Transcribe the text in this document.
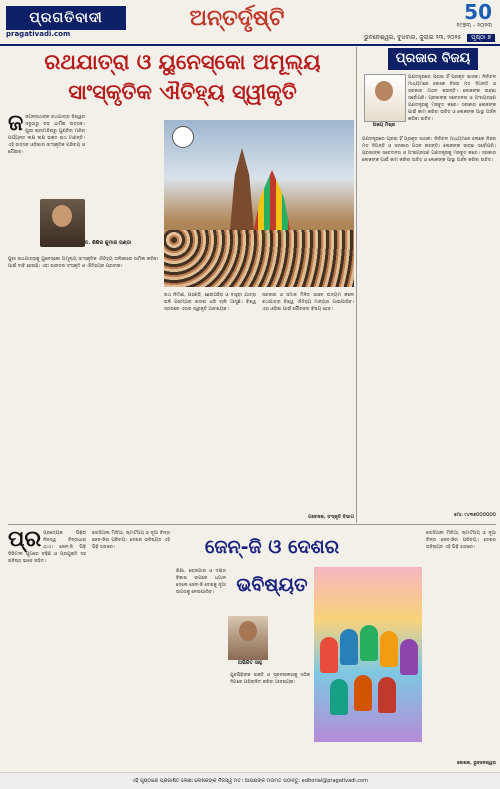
ପ୍ରଗତିବାଦୀ
pragativadi.com
ଅନ୍ତର୍ଦୃଷ୍ଟି	50
୧୯୭୩ - ୨୦୨୩
ଭୁବନେଶ୍ୱର, ବୁଧବାର, ଜୁଲାଇ ୨୩, ୨୦୨୫ ପୃଷ୍ଠା ୭
ରଥଯାତ୍ରା ଓ ୟୁନେସ୍କୋ ଅମୂଲ୍ୟ
ସାଂସ୍କୃତିକ ଐତିହ୍ୟ ସ୍ୱୀକୃତି
ଜ ଜଗନ୍ନାଥଙ୍କ ରଥଯାତ୍ରା ବିଶ୍ୱର ସବୁଠାରୁ ବଡ଼ ଧାର୍ମିକ ଉତ୍ସବ। ପୁରୀ ଶ୍ରୀମନ୍ଦିରରୁ ଗୁଣ୍ଡିଚା ମନ୍ଦିର ପର୍ଯ୍ୟନ୍ତ ଲକ୍ଷ ଲକ୍ଷ ଭକ୍ତ ରଥ ଟାଣନ୍ତି। ଏହି ଉତ୍ସବ ଓଡ଼ିଶାର ସାଂସ୍କୃତିକ ପରିଚୟ ଓ ଗୌରବ।

ଡ. ଶିଶିର କୁମାର ପଣ୍ଡା

ପୁରୀ ରଥଯାତ୍ରାକୁ ୟୁନେସ୍କୋ ଅମୂଲ୍ୟ ସାଂସ୍କୃତିକ ଐତିହ୍ୟ ତାଲିକାରେ ସାମିଲ କରିବା ପାଇଁ ଦାବି ହେଉଛି। ଏହା ଭାରତର ସଂସ୍କୃତି ଓ ଐତିହ୍ୟର ପ୍ରତୀକ।

ରଥ ନିର୍ମାଣ, ପହଣ୍ଡି, ଛେରାପହଁରା ଓ ବାହୁଡ଼ା ଯାତ୍ରା ଭଳି ପରମ୍ପରା ଶତାବ୍ଦୀ ଧରି ଚାଲି ଆସୁଛି। ବିଶ୍ୱ ସ୍ତରରେ ଏହାର ସ୍ୱୀକୃତି ଆବଶ୍ୟକ।

ସରକାର ଓ ସମାଜ ମିଳିତ ଭାବେ ଉଦ୍ୟମ କଲେ ରଥଯାତ୍ରା ବିଶ୍ୱ ଐତିହ୍ୟ ମାନ୍ୟତା ପାଇପାରିବ। ଏହା ଓଡ଼ିଶା ପାଇଁ ଗୌରବର ବିଷୟ ହେବ।

ଗବେଷକ, ସଂସ୍କୃତି ବିଭାଗ
ପ୍ରଜାର ବିଜୟ
ଅଜୟ ମିଶ୍ର

ଗଣତନ୍ତ୍ରରେ ପ୍ରଜା ହିଁ ପ୍ରକୃତ ଶାସକ। ନିର୍ବାଚନ ମାଧ୍ୟମରେ ଲୋକେ ନିଜର ମତ ଦିଅନ୍ତି ଓ ସରକାର ଗଠନ କରନ୍ତି। ଲୋକଙ୍କ ଇଚ୍ଛା ସର୍ବୋପରି। ପ୍ରଜାଙ୍କ ସଚେତନତା ଓ ଅଂଶଗ୍ରହଣ ଗଣତନ୍ତ୍ରକୁ ମଜବୁତ କରେ। ସରକାର ଲୋକଙ୍କ ପାଇଁ କାମ କରିବା ଉଚିତ ଓ ଲୋକଙ୍କ ଆସ୍ଥା ଅର୍ଜନ କରିବା ଉଚିତ।

ଗଣତନ୍ତ୍ରରେ ପ୍ରଜା ହିଁ ପ୍ରକୃତ ଶାସକ। ନିର୍ବାଚନ ମାଧ୍ୟମରେ ଲୋକେ ନିଜର ମତ ଦିଅନ୍ତି ଓ ସରକାର ଗଠନ କରନ୍ତି। ଲୋକଙ୍କ ଇଚ୍ଛା ସର୍ବୋପରି। ପ୍ରଜାଙ୍କ ସଚେତନତା ଓ ଅଂଶଗ୍ରହଣ ଗଣତନ୍ତ୍ରକୁ ମଜବୁତ କରେ। ସରକାର ଲୋକଙ୍କ ପାଇଁ କାମ କରିବା ଉଚିତ ଓ ଲୋକଙ୍କ ଆସ୍ଥା ଅର୍ଜନ କରିବା ଉଚିତ।

ମୋ: ୯୪୩୭୦୦୦୦୦୦
ପ୍ର ପ୍ରତ୍ୟେକ ପିଢ଼ିର ନିଜସ୍ୱ ଚିନ୍ତାଧାରା ଥାଏ। ଜେନ୍-ଜି ପିଢ଼ି ଡିଜିଟାଲ ଯୁଗରେ ବଢ଼ିଛି ଓ ପ୍ରଯୁକ୍ତି ସହ ଘନିଷ୍ଠ ଭାବେ ଜଡ଼ିତ।

ଜେନ୍-ଜି ଓ ଦେଶର ଭବିଷ୍ୟତ

ସୋସିଆଲ ମିଡିଆ, ଷ୍ଟାର୍ଟଅପ୍ ଓ ନୂଆ ଚିନ୍ତା ଜେନ୍-ଜିର ପରିଚୟ। ଦେଶର ଭବିଷ୍ୟତ ଏହି ପିଢ଼ି ହାତରେ।

ଶିକ୍ଷା, ରୋଜଗାର ଓ ଦକ୍ଷତା ବିକାଶ ଉପରେ ଧ୍ୟାନ ଦେଲେ ଜେନ୍-ଜି ଦେଶକୁ ନୂଆ ଉଚ୍ଚତାକୁ ନେଇପାରିବ।

ଅଭିଜିତ ସାହୁ

ଯୁବପିଢ଼ିଙ୍କ ଶକ୍ତି ଓ ସୃଜନଶୀଳତାକୁ ସଠିକ ଦିଗରେ ପରିଚାଳିତ କରିବା ଆବଶ୍ୟକ।

ସୋସିଆଲ ମିଡିଆ, ଷ୍ଟାର୍ଟଅପ୍ ଓ ନୂଆ ଚିନ୍ତା ଜେନ୍-ଜିର ପରିଚୟ। ଦେଶର ଭବିଷ୍ୟତ ଏହି ପିଢ଼ି ହାତରେ।

ଲେଖକ, ଭୁବନେଶ୍ୱର
ଏହି ପୃଷ୍ଠାରେ ପ୍ରକାଶିତ ଲେଖା ଲେଖକଙ୍କ ନିଜସ୍ୱ ମତ। ଆପଣଙ୍କ ମତାମତ ପଠାନ୍ତୁ: editorial@pragativadi.com
